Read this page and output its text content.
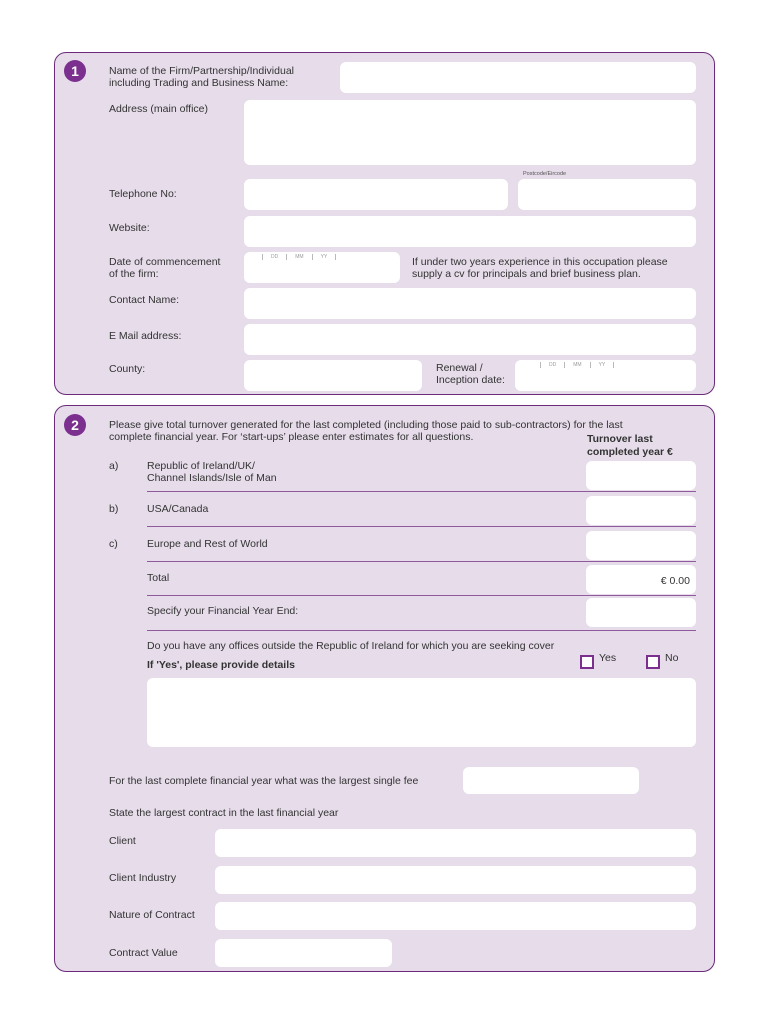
1	Name of the Firm/Partnership/Individual
including Trading and Business Name:
Address (main office)
Postcode/Eircode
Telephone No:
Website:
Date of commencement
of the firm:
DD	MM	YY	If under two years experience in this occupation please
supply a cv for principals and brief business plan.
Contact Name:
E Mail address:
County:	Renewal /
Inception date:
DD	MM	YY
2	Please give total turnover generated for the last completed (including those paid to sub-contractors) for the last
complete financial year. For ‘start-ups’ please enter estimates for all questions.	Turnover last
completed year €
a)	Republic of Ireland/UK/
Channel Islands/Isle of Man
b)	USA/Canada
c)	Europe and Rest of World
Total	€ 0.00
Specify your Financial Year End:
Do you have any offices outside the Republic of Ireland for which you are seeking cover
If 'Yes', please provide details
Yes	No
For the last complete financial year what was the largest single fee
State the largest contract in the last financial year
Client
Client Industry
Nature of Contract
Contract Value
